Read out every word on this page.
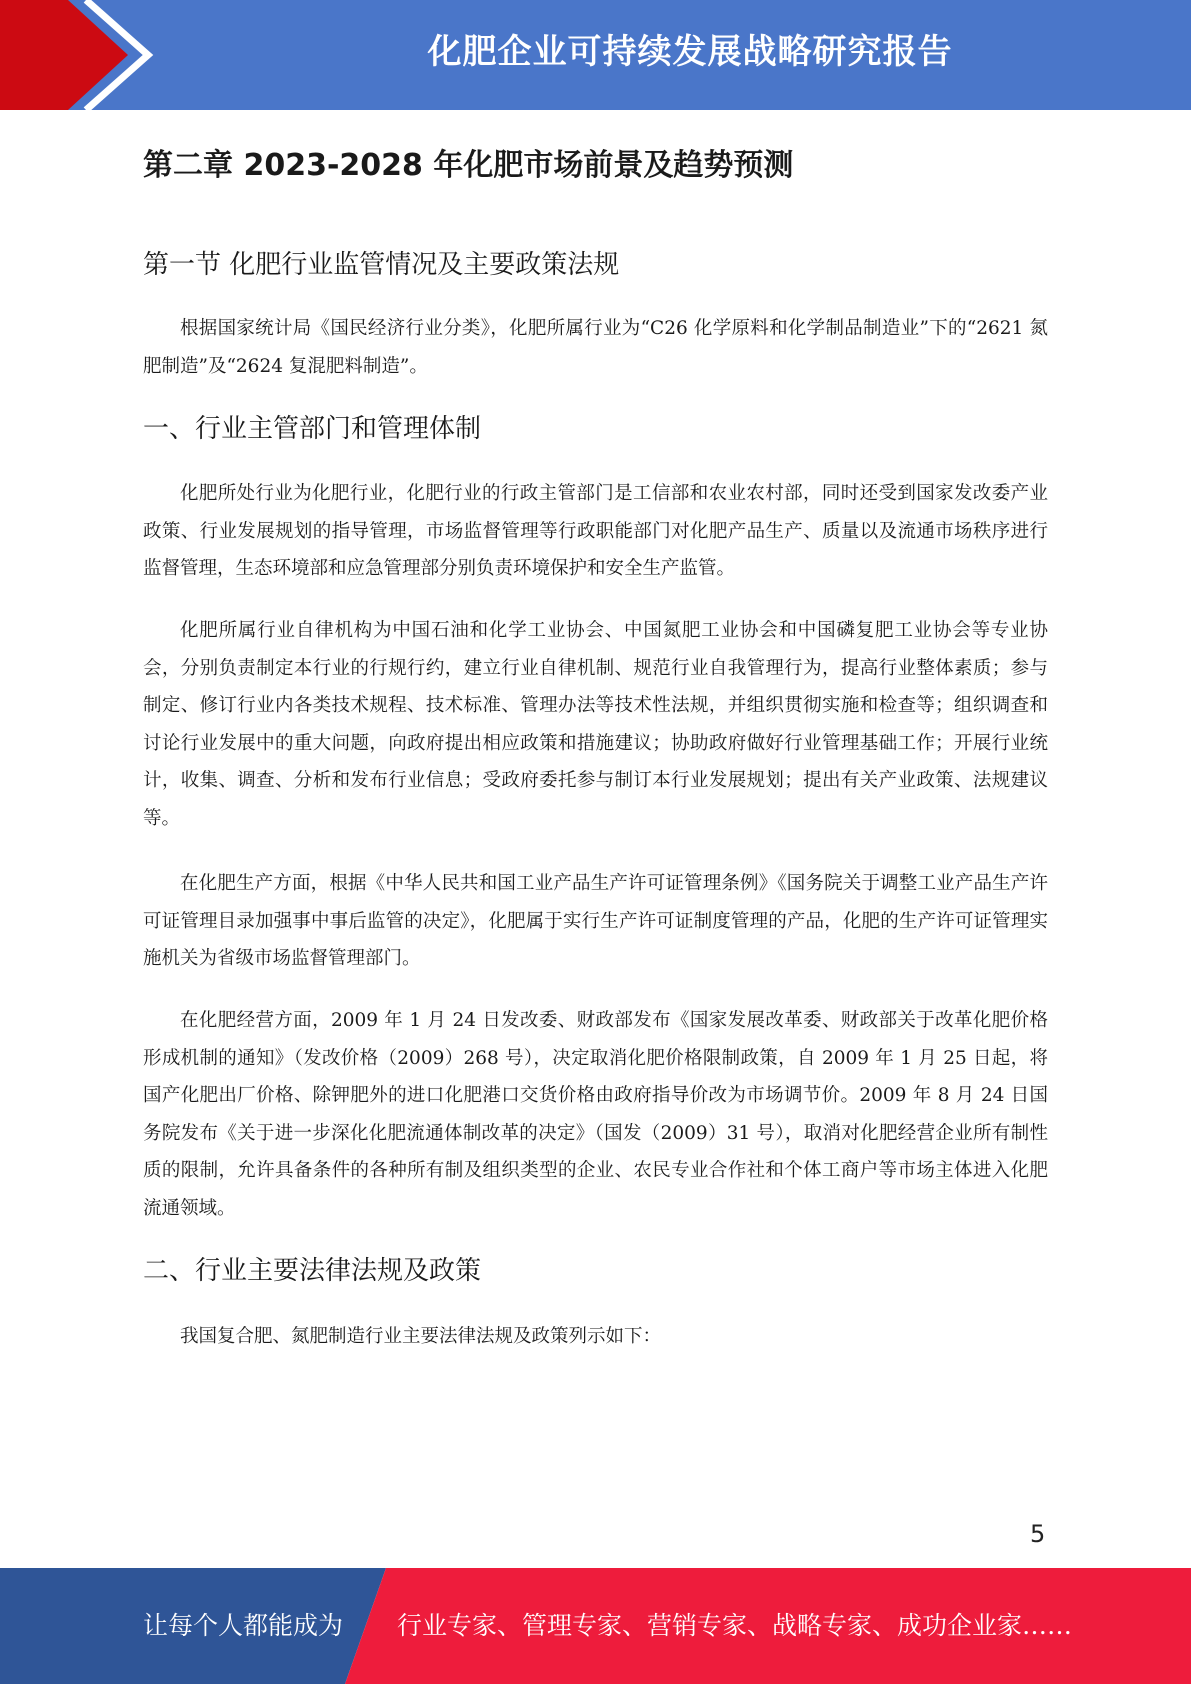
化肥企业可持续发展战略研究报告
第二章 2023-2028 年化肥市场前景及趋势预测
第一节 化肥行业监管情况及主要政策法规

根据国家统计局《国民经济行业分类》，化肥所属行业为“C26 化学原料和化学制品制造业”下的“2621 氮肥制造”及“2624 复混肥料制造”。

一、行业主管部门和管理体制

化肥所处行业为化肥行业，化肥行业的行政主管部门是工信部和农业农村部，同时还受到国家发改委产业政策、行业发展规划的指导管理，市场监督管理等行政职能部门对化肥产品生产、质量以及流通市场秩序进行监督管理，生态环境部和应急管理部分别负责环境保护和安全生产监管。

化肥所属行业自律机构为中国石油和化学工业协会、中国氮肥工业协会和中国磷复肥工业协会等专业协会，分别负责制定本行业的行规行约，建立行业自律机制、规范行业自我管理行为，提高行业整体素质；参与制定、修订行业内各类技术规程、技术标准、管理办法等技术性法规，并组织贯彻实施和检查等；组织调查和讨论行业发展中的重大问题，向政府提出相应政策和措施建议；协助政府做好行业管理基础工作；开展行业统计，收集、调查、分析和发布行业信息；受政府委托参与制订本行业发展规划；提出有关产业政策、法规建议等。

在化肥生产方面，根据《中华人民共和国工业产品生产许可证管理条例》《国务院关于调整工业产品生产许可证管理目录加强事中事后监管的决定》，化肥属于实行生产许可证制度管理的产品，化肥的生产许可证管理实施机关为省级市场监督管理部门。

在化肥经营方面，2009 年 1 月 24 日发改委、财政部发布《国家发展改革委、财政部关于改革化肥价格形成机制的通知》（发改价格（2009）268 号），决定取消化肥价格限制政策，自 2009 年 1 月 25 日起，将国产化肥出厂价格、除钾肥外的进口化肥港口交货价格由政府指导价改为市场调节价。2009 年 8 月 24 日国务院发布《关于进一步深化化肥流通体制改革的决定》（国发（2009）31 号），取消对化肥经营企业所有制性质的限制，允许具备条件的各种所有制及组织类型的企业、农民专业合作社和个体工商户等市场主体进入化肥流通领域。

二、行业主要法律法规及政策

我国复合肥、氮肥制造行业主要法律法规及政策列示如下：

5
让每个人都能成为 行业专家、管理专家、营销专家、战略专家、成功企业家……
